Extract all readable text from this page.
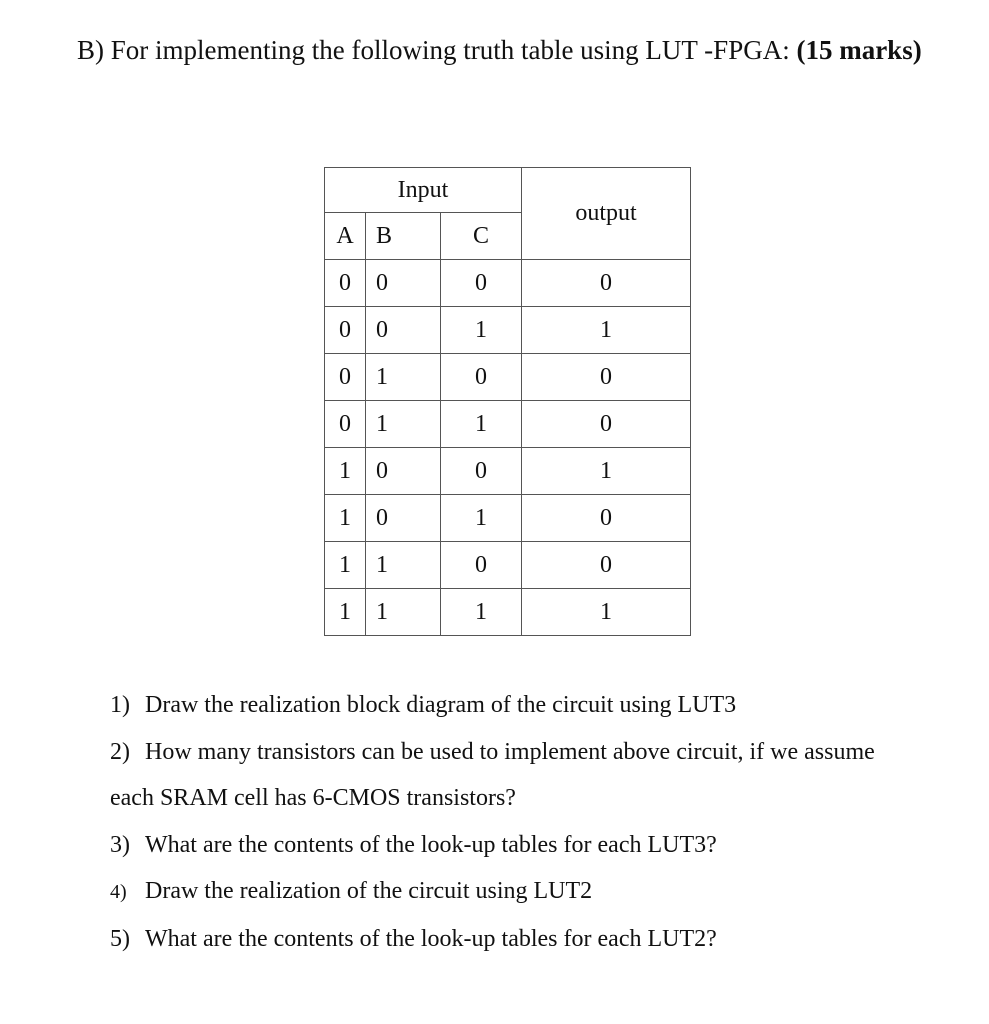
B) For implementing the following truth table using LUT -FPGA: (15 marks)
Input			output
A	B	C	
0	0	0	0
0	0	1	1
0	1	0	0
0	1	1	0
1	0	0	1
1	0	1	0
1	1	0	0
1	1	1	1
1) Draw the realization block diagram of the circuit using LUT3
2) How many transistors can be used to implement above circuit, if we assume
each SRAM cell has 6-CMOS transistors?
3) What are the contents of the look-up tables for each LUT3?
4) Draw the realization of the circuit using LUT2
5) What are the contents of the look-up tables for each LUT2?
